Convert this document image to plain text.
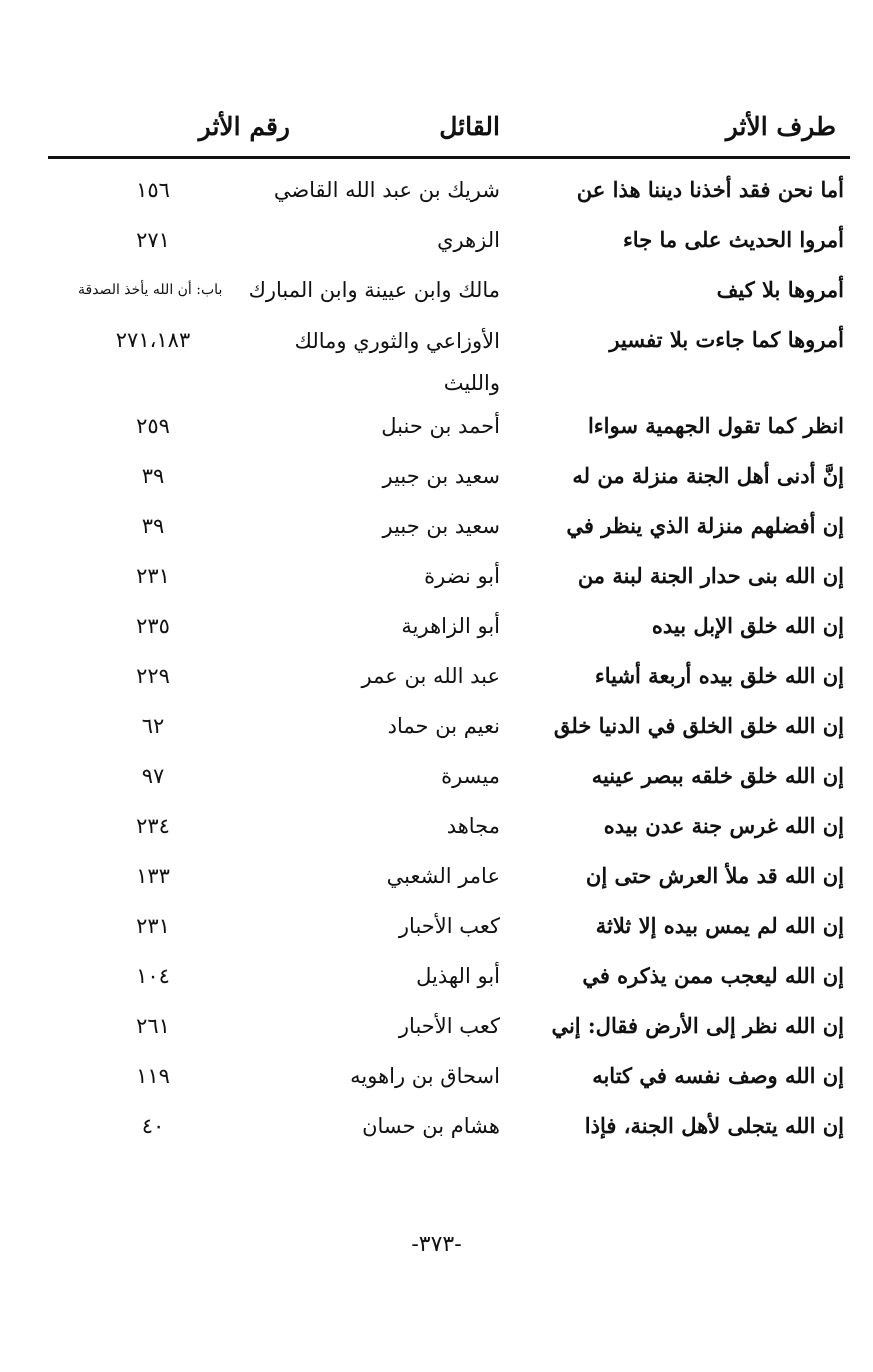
طرف الأثر
القائل
رقم الأثر
أما نحن فقد أخذنا ديننا هذا عن
شريك بن عبد الله القاضي
١٥٦
أمروا الحديث على ما جاء
الزهري
٢٧١
أمروها بلا كيف
مالك وابن عيينة وابن المبارك
باب: أن الله يأخذ الصدقة
أمروها كما جاءت بلا تفسير
الأوزاعي والثوري ومالك والليث
٢٧١،١٨٣
انظر كما تقول الجهمية سواءا
أحمد بن حنبل
٢٥٩
إنَّ أدنى أهل الجنة منزلة من له
سعيد بن جبير
٣٩
إن أفضلهم منزلة الذي ينظر في
سعيد بن جبير
٣٩
إن الله بنى حدار الجنة لبنة من
أبو نضرة
٢٣١
إن الله خلق الإبل بيده
أبو الزاهرية
٢٣٥
إن الله خلق بيده أربعة أشياء
عبد الله بن عمر
٢٢٩
إن الله خلق الخلق في الدنيا خلق
نعيم بن حماد
٦٢
إن الله خلق خلقه ببصر عينيه
ميسرة
٩٧
إن الله غرس جنة عدن بيده
مجاهد
٢٣٤
إن الله قد ملأ العرش حتى إن
عامر الشعبي
١٣٣
إن الله لم يمس بيده إلا ثلاثة
كعب الأحبار
٢٣١
إن الله ليعجب ممن يذكره في
أبو الهذيل
١٠٤
إن الله نظر إلى الأرض فقال: إني
كعب الأحبار
٢٦١
إن الله وصف نفسه في كتابه
اسحاق بن راهويه
١١٩
إن الله يتجلى لأهل الجنة، فإذا
هشام بن حسان
٤٠
-٣٧٣-
